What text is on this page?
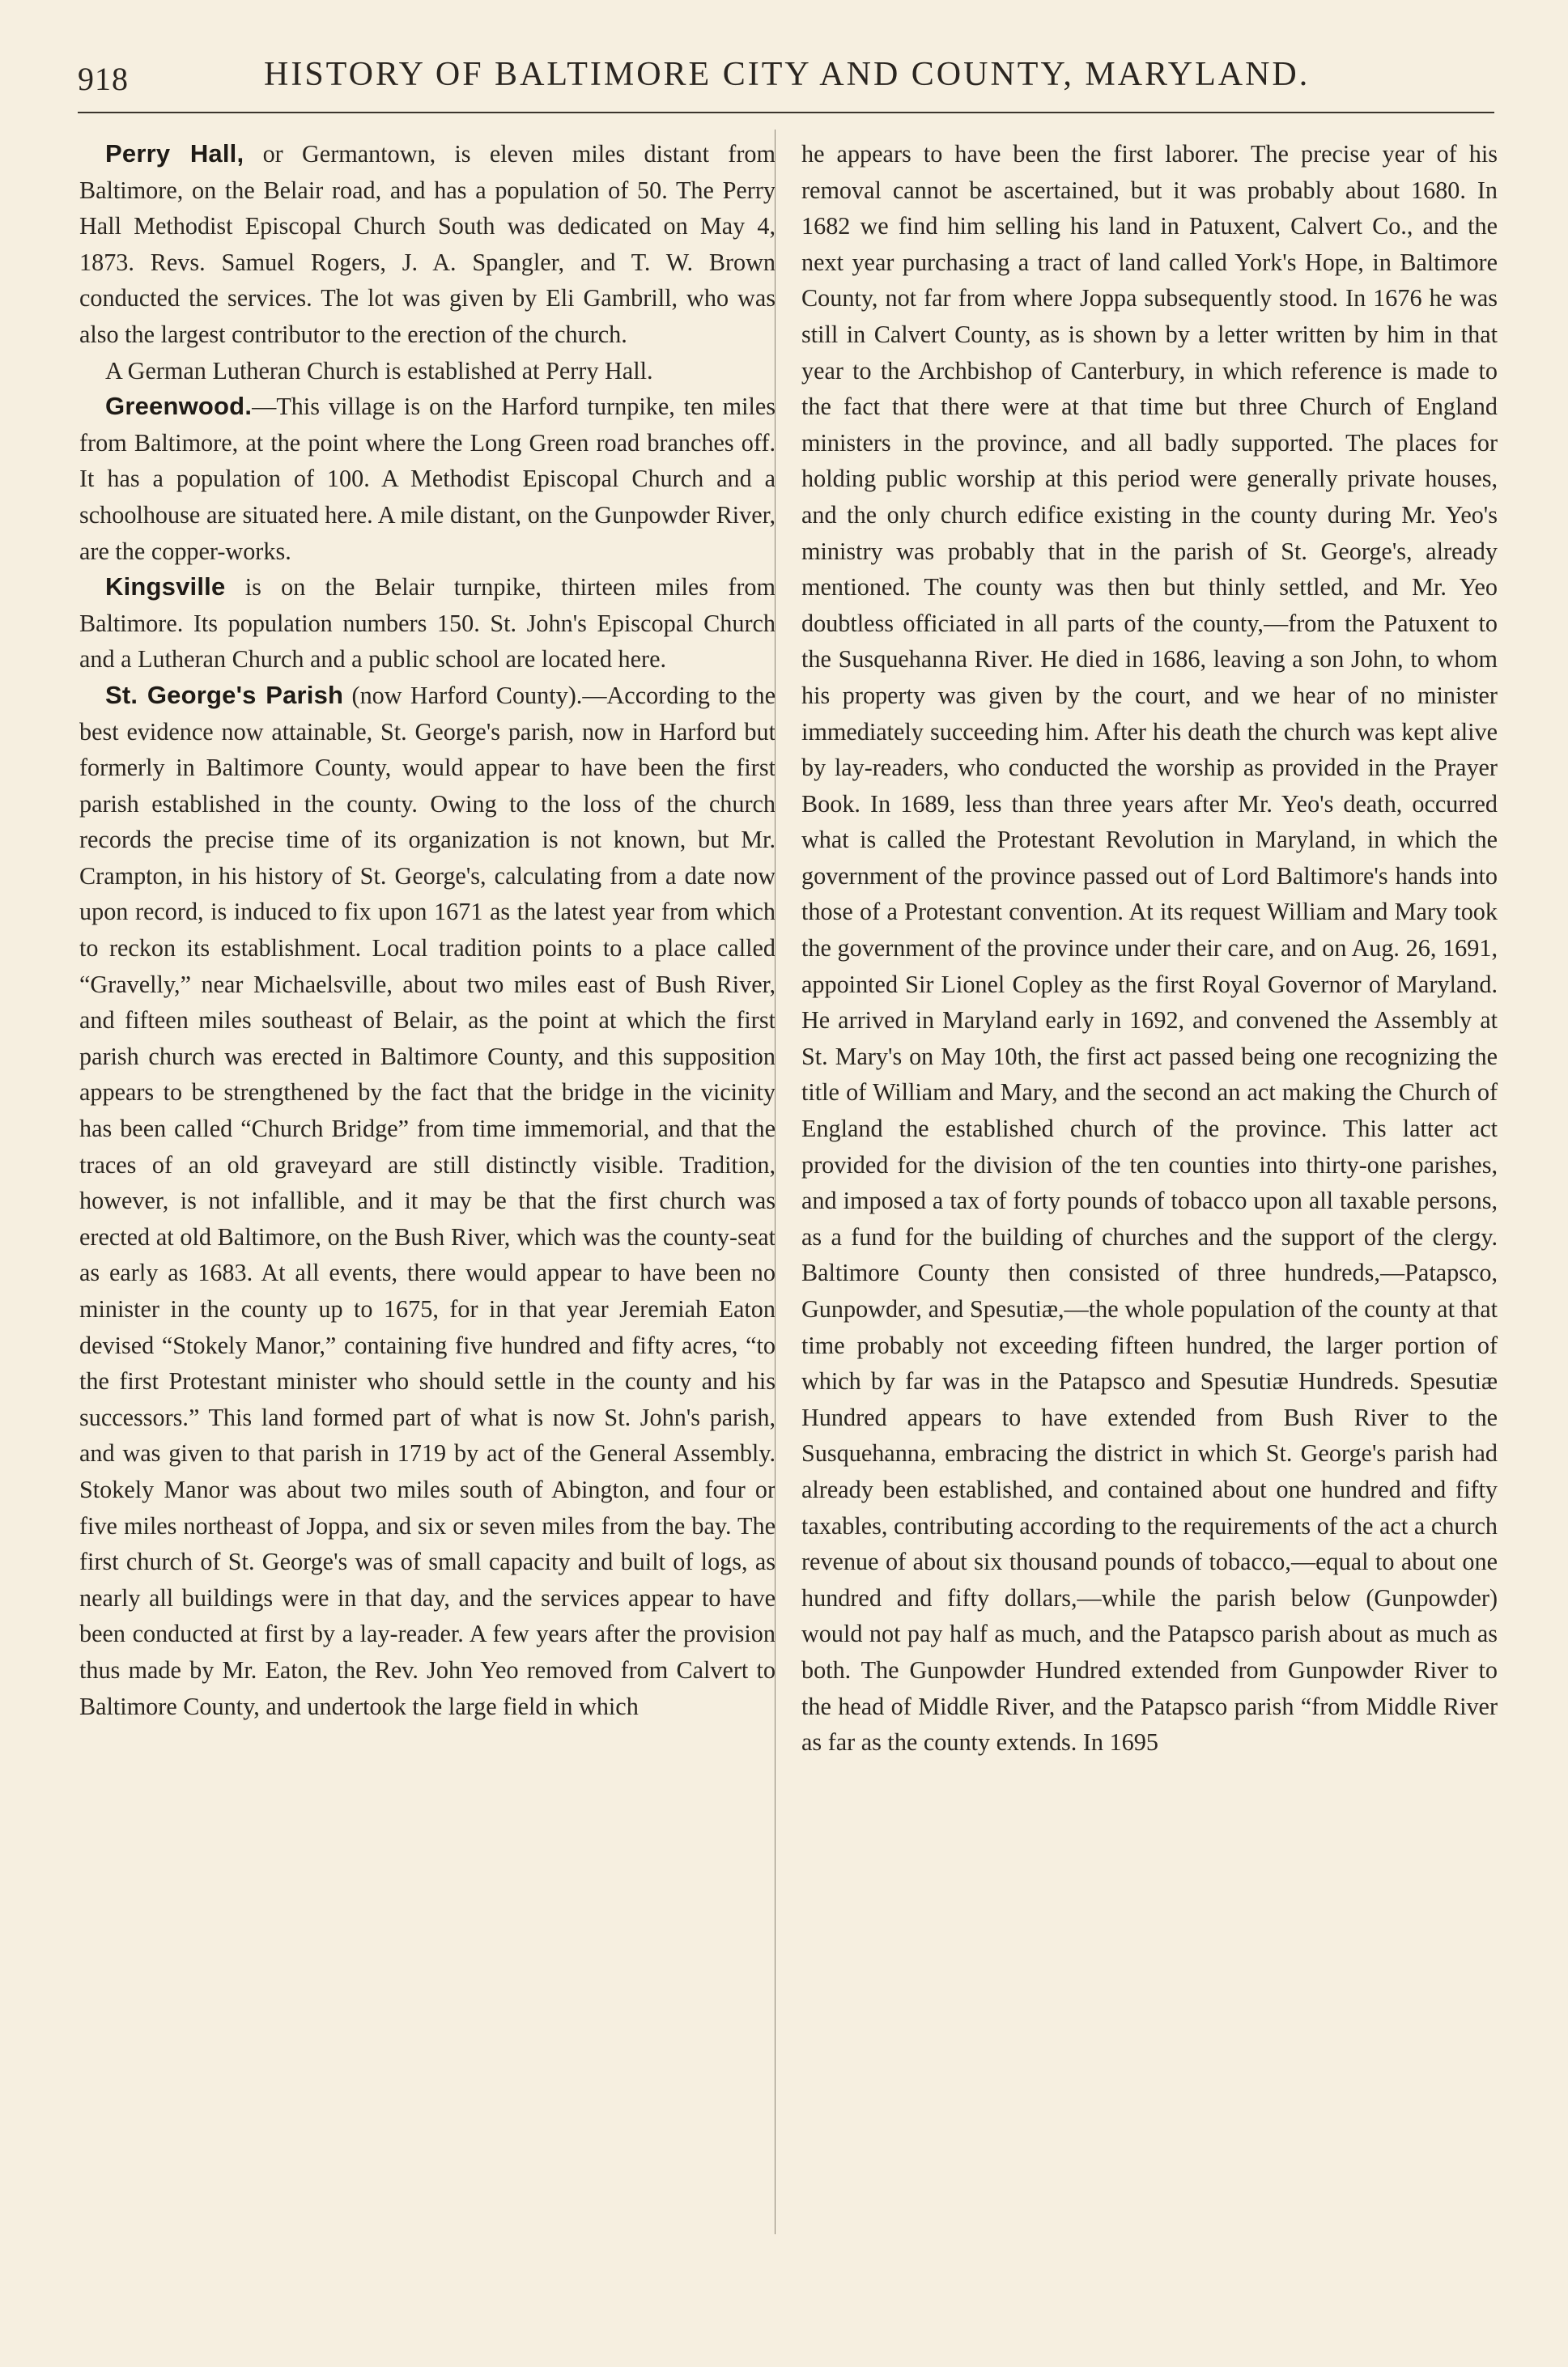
918	HISTORY OF BALTIMORE CITY AND COUNTY, MARYLAND.

Perry Hall, or Germantown, is eleven miles distant from Baltimore, on the Belair road, and has a population of 50. The Perry Hall Methodist Episcopal Church South was dedicated on May 4, 1873. Revs. Samuel Rogers, J. A. Spangler, and T. W. Brown conducted the services. The lot was given by Eli Gambrill, who was also the largest contributor to the erection of the church.

A German Lutheran Church is established at Perry Hall.

Greenwood.—This village is on the Harford turnpike, ten miles from Baltimore, at the point where the Long Green road branches off. It has a population of 100. A Methodist Episcopal Church and a schoolhouse are situated here. A mile distant, on the Gunpowder River, are the copper-works.

Kingsville is on the Belair turnpike, thirteen miles from Baltimore. Its population numbers 150. St. John's Episcopal Church and a Lutheran Church and a public school are located here.

St. George's Parish (now Harford County).—According to the best evidence now attainable, St. George's parish, now in Harford but formerly in Baltimore County, would appear to have been the first parish established in the county. Owing to the loss of the church records the precise time of its organization is not known, but Mr. Crampton, in his history of St. George's, calculating from a date now upon record, is induced to fix upon 1671 as the latest year from which to reckon its establishment. Local tradition points to a place called “Gravelly,” near Michaelsville, about two miles east of Bush River, and fifteen miles southeast of Belair, as the point at which the first parish church was erected in Baltimore County, and this supposition appears to be strengthened by the fact that the bridge in the vicinity has been called “Church Bridge” from time immemorial, and that the traces of an old graveyard are still distinctly visible. Tradition, however, is not infallible, and it may be that the first church was erected at old Baltimore, on the Bush River, which was the county-seat as early as 1683. At all events, there would appear to have been no minister in the county up to 1675, for in that year Jeremiah Eaton devised “Stokely Manor,” containing five hundred and fifty acres, “to the first Protestant minister who should settle in the county and his successors.” This land formed part of what is now St. John's parish, and was given to that parish in 1719 by act of the General Assembly. Stokely Manor was about two miles south of Abington, and four or five miles northeast of Joppa, and six or seven miles from the bay. The first church of St. George's was of small capacity and built of logs, as nearly all buildings were in that day, and the services appear to have been conducted at first by a lay-reader. A few years after the provision thus made by Mr. Eaton, the Rev. John Yeo removed from Calvert to Baltimore County, and undertook the large field in which

he appears to have been the first laborer. The precise year of his removal cannot be ascertained, but it was probably about 1680. In 1682 we find him selling his land in Patuxent, Calvert Co., and the next year purchasing a tract of land called York's Hope, in Baltimore County, not far from where Joppa subsequently stood. In 1676 he was still in Calvert County, as is shown by a letter written by him in that year to the Archbishop of Canterbury, in which reference is made to the fact that there were at that time but three Church of England ministers in the province, and all badly supported. The places for holding public worship at this period were generally private houses, and the only church edifice existing in the county during Mr. Yeo's ministry was probably that in the parish of St. George's, already mentioned. The county was then but thinly settled, and Mr. Yeo doubtless officiated in all parts of the county,—from the Patuxent to the Susquehanna River. He died in 1686, leaving a son John, to whom his property was given by the court, and we hear of no minister immediately succeeding him. After his death the church was kept alive by lay-readers, who conducted the worship as provided in the Prayer Book. In 1689, less than three years after Mr. Yeo's death, occurred what is called the Protestant Revolution in Maryland, in which the government of the province passed out of Lord Baltimore's hands into those of a Protestant convention. At its request William and Mary took the government of the province under their care, and on Aug. 26, 1691, appointed Sir Lionel Copley as the first Royal Governor of Maryland. He arrived in Maryland early in 1692, and convened the Assembly at St. Mary's on May 10th, the first act passed being one recognizing the title of William and Mary, and the second an act making the Church of England the established church of the province. This latter act provided for the division of the ten counties into thirty-one parishes, and imposed a tax of forty pounds of tobacco upon all taxable persons, as a fund for the building of churches and the support of the clergy. Baltimore County then consisted of three hundreds,—Patapsco, Gunpowder, and Spesutiæ,—the whole population of the county at that time probably not exceeding fifteen hundred, the larger portion of which by far was in the Patapsco and Spesutiæ Hundreds. Spesutiæ Hundred appears to have extended from Bush River to the Susquehanna, embracing the district in which St. George's parish had already been established, and contained about one hundred and fifty taxables, contributing according to the requirements of the act a church revenue of about six thousand pounds of tobacco,—equal to about one hundred and fifty dollars,—while the parish below (Gunpowder) would not pay half as much, and the Patapsco parish about as much as both. The Gunpowder Hundred extended from Gunpowder River to the head of Middle River, and the Patapsco parish “from Middle River as far as the county extends. In 1695
